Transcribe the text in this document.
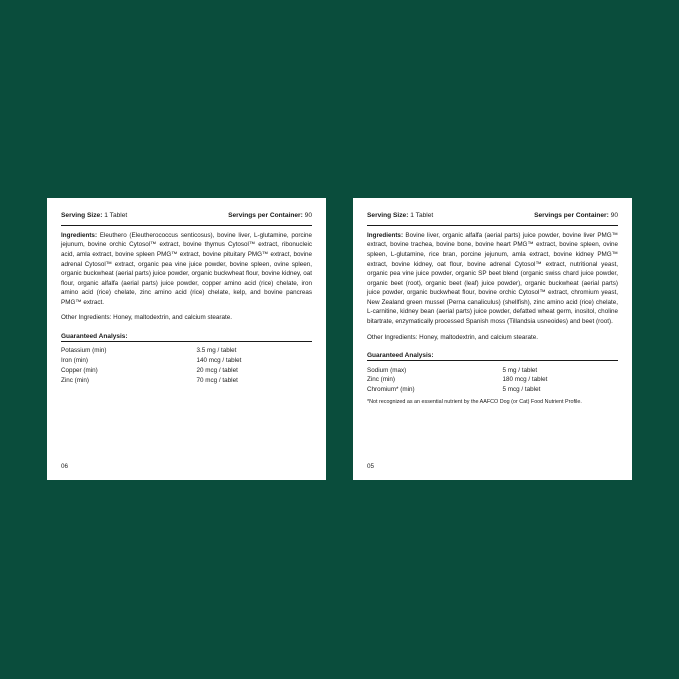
Serving Size: 1 Tablet	Servings per Container: 90

Ingredients: Eleuthero (Eleutherococcus senticosus), bovine liver, L-glutamine, porcine jejunum, bovine orchic Cytosol™ extract, bovine thymus Cytosol™ extract, ribonucleic acid, amla extract, bovine spleen PMG™ extract, bovine pituitary PMG™ extract, bovine adrenal Cytosol™ extract, organic pea vine juice powder, bovine spleen, ovine spleen, organic buckwheat (aerial parts) juice powder, organic buckwheat flour, bovine kidney, oat flour, organic alfalfa (aerial parts) juice powder, copper amino acid (rice) chelate, iron amino acid (rice) chelate, zinc amino acid (rice) chelate, kelp, and bovine pancreas PMG™ extract.

Other Ingredients: Honey, maltodextrin, and calcium stearate.

Guaranteed Analysis:
Potassium (min)	3.5 mg / tablet
Iron (min)	140 mcg / tablet
Copper (min)	20 mcg / tablet
Zinc (min)	70 mcg / tablet
06
Serving Size: 1 Tablet	Servings per Container: 90

Ingredients: Bovine liver, organic alfalfa (aerial parts) juice powder, bovine liver PMG™ extract, bovine trachea, bovine bone, bovine heart PMG™ extract, bovine spleen, ovine spleen, L-glutamine, rice bran, porcine jejunum, amla extract, bovine kidney PMG™ extract, bovine kidney, oat flour, bovine adrenal Cytosol™ extract, nutritional yeast, organic pea vine juice powder, organic SP beet blend (organic swiss chard juice powder, organic beet (root), organic beet (leaf) juice powder), organic buckwheat (aerial parts) juice powder, organic buckwheat flour, bovine orchic Cytosol™ extract, chromium yeast, New Zealand green mussel (Perna canaliculus) (shellfish), zinc amino acid (rice) chelate, L-carnitine, kidney bean (aerial parts) juice powder, defatted wheat germ, inositol, choline bitartrate, enzymatically processed Spanish moss (Tillandsia usneoides) and beet (root).

Other Ingredients: Honey, maltodextrin, and calcium stearate.

Guaranteed Analysis:
Sodium (max)	5 mg / tablet
Zinc (min)	180 mcg / tablet
Chromium* (min)	5 mcg / tablet
*Not recognized as an essential nutrient by the AAFCO Dog (or Cat) Food Nutrient Profile.
05
